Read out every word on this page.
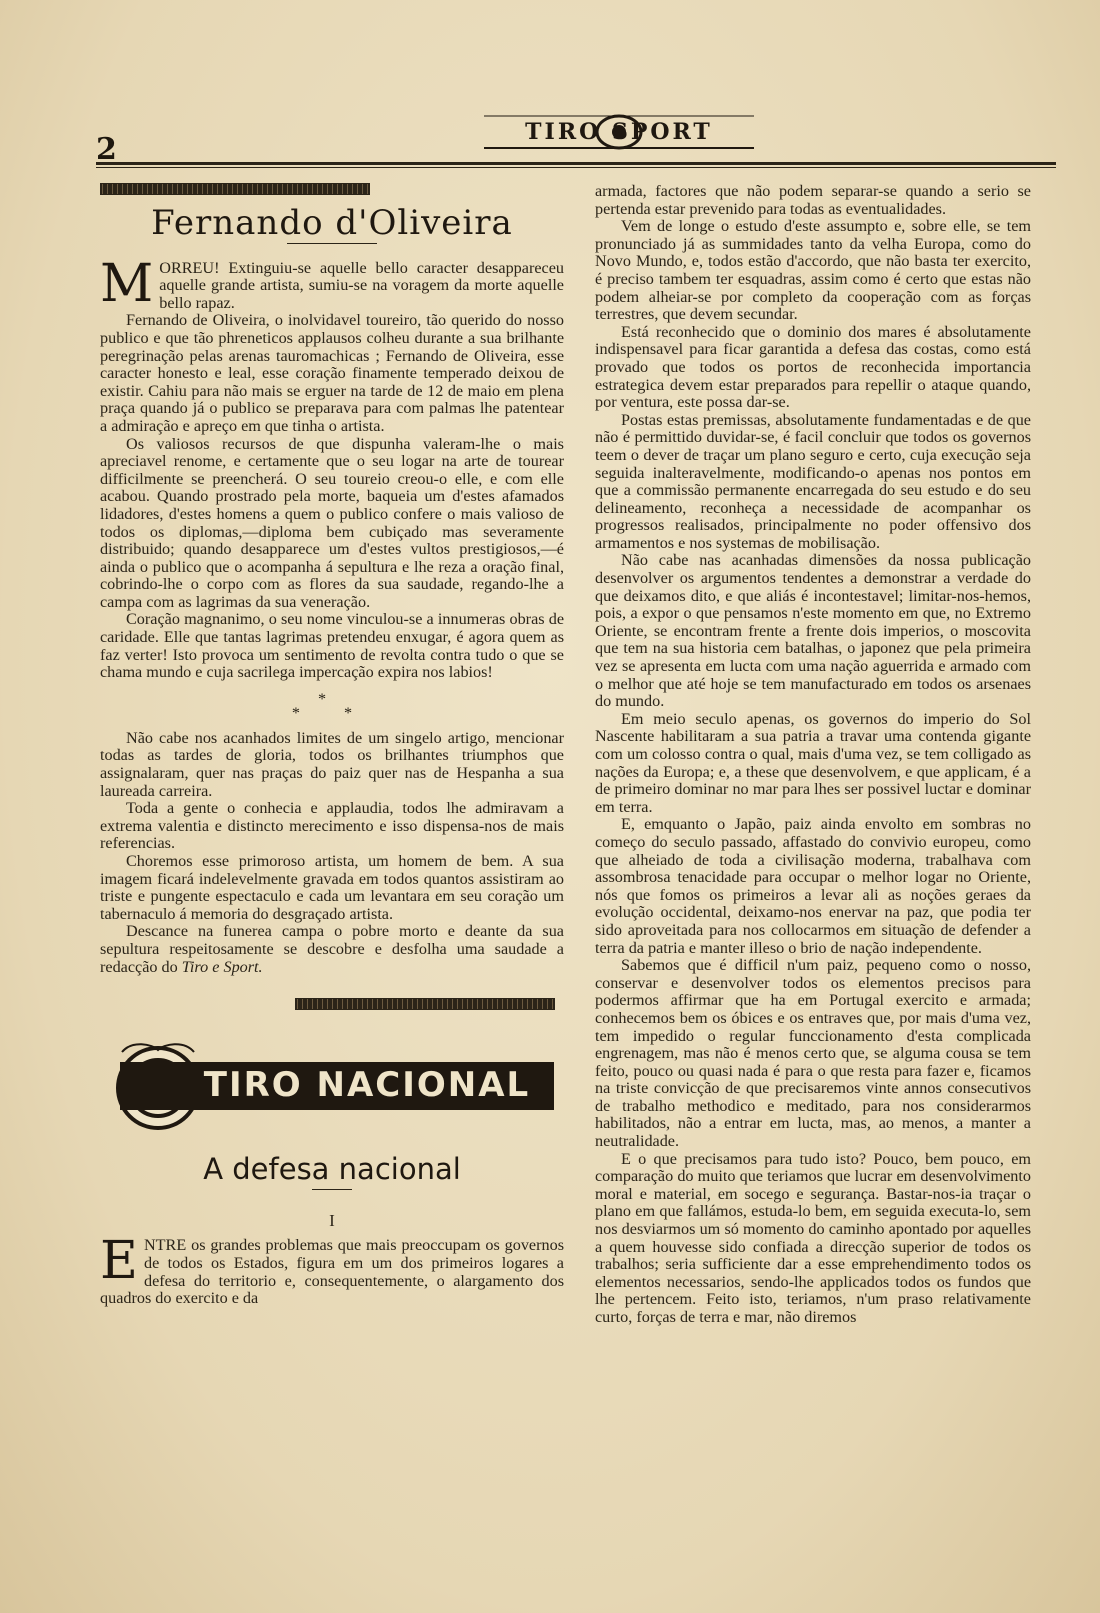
2	TIRO SPORT
Fernando d'Oliveira

MORREU! Extinguiu-se aquelle bello caracter desappareceu aquelle grande artista, sumiu-se na voragem da morte aquelle bello rapaz.

Fernando de Oliveira, o inolvidavel toureiro, tão querido do nosso publico e que tão phreneticos applausos colheu durante a sua brilhante peregrinação pelas arenas tauromachicas ; Fernando de Oliveira, esse caracter honesto e leal, esse coração finamente temperado deixou de existir. Cahiu para não mais se erguer na tarde de 12 de maio em plena praça quando já o publico se preparava para com palmas lhe patentear a admiração e apreço em que tinha o artista.

Os valiosos recursos de que dispunha valeram-lhe o mais apreciavel renome, e certamente que o seu logar na arte de tourear difficilmente se preencherá. O seu toureio creou-o elle, e com elle acabou. Quando prostrado pela morte, baqueia um d'estes afamados lidadores, d'estes homens a quem o publico confere o mais valioso de todos os diplomas,—diploma bem cubiçado mas severamente distribuido; quando desapparece um d'estes vultos prestigiosos,—é ainda o publico que o acompanha á sepultura e lhe reza a oração final, cobrindo-lhe o corpo com as flores da sua saudade, regando-lhe a campa com as lagrimas da sua veneração.

Coração magnanimo, o seu nome vinculou-se a innumeras obras de caridade. Elle que tantas lagrimas pretendeu enxugar, é agora quem as faz verter! Isto provoca um sentimento de revolta contra tudo o que se chama mundo e cuja sacrilega impercação expira nos labios!

*
* *

Não cabe nos acanhados limites de um singelo artigo, mencionar todas as tardes de gloria, todos os brilhantes triumphos que assignalaram, quer nas praças do paiz quer nas de Hespanha a sua laureada carreira.

Toda a gente o conhecia e applaudia, todos lhe admiravam a extrema valentia e distincto merecimento e isso dispensa-nos de mais referencias.

Choremos esse primoroso artista, um homem de bem. A sua imagem ficará indelevelmente gravada em todos quantos assistiram ao triste e pungente espectaculo e cada um levantara em seu coração um tabernaculo á memoria do desgraçado artista.

Descance na funerea campa o pobre morto e deante da sua sepultura respeitosamente se descobre e desfolha uma saudade a redacção do Tiro e Sport.

TIRO NACIONAL
A defesa nacional
I

ENTRE os grandes problemas que mais preoccupam os governos de todos os Estados, figura em um dos primeiros logares a defesa do territorio e, consequentemente, o alargamento dos quadros do exercito e da

armada, factores que não podem separar-se quando a serio se pertenda estar prevenido para todas as eventualidades.

Vem de longe o estudo d'este assumpto e, sobre elle, se tem pronunciado já as summidades tanto da velha Europa, como do Novo Mundo, e, todos estão d'accordo, que não basta ter exercito, é preciso tambem ter esquadras, assim como é certo que estas não podem alheiar-se por completo da cooperação com as forças terrestres, que devem secundar.

Está reconhecido que o dominio dos mares é absolutamente indispensavel para ficar garantida a defesa das costas, como está provado que todos os portos de reconhecida importancia estrategica devem estar preparados para repellir o ataque quando, por ventura, este possa dar-se.

Postas estas premissas, absolutamente fundamentadas e de que não é permittido duvidar-se, é facil concluir que todos os governos teem o dever de traçar um plano seguro e certo, cuja execução seja seguida inalteravelmente, modificando-o apenas nos pontos em que a commissão permanente encarregada do seu estudo e do seu delineamento, reconheça a necessidade de acompanhar os progressos realisados, principalmente no poder offensivo dos armamentos e nos systemas de mobilisação.

Não cabe nas acanhadas dimensões da nossa publicação desenvolver os argumentos tendentes a demonstrar a verdade do que deixamos dito, e que aliás é incontestavel; limitar-nos-hemos, pois, a expor o que pensamos n'este momento em que, no Extremo Oriente, se encontram frente a frente dois imperios, o moscovita que tem na sua historia cem batalhas, o japonez que pela primeira vez se apresenta em lucta com uma nação aguerrida e armado com o melhor que até hoje se tem manufacturado em todos os arsenaes do mundo.

Em meio seculo apenas, os governos do imperio do Sol Nascente habilitaram a sua patria a travar uma contenda gigante com um colosso contra o qual, mais d'uma vez, se tem colligado as nações da Europa; e, a these que desenvolvem, e que applicam, é a de primeiro dominar no mar para lhes ser possivel luctar e dominar em terra.

E, emquanto o Japão, paiz ainda envolto em sombras no começo do seculo passado, affastado do convivio europeu, como que alheiado de toda a civilisação moderna, trabalhava com assombrosa tenacidade para occupar o melhor logar no Oriente, nós que fomos os primeiros a levar ali as noções geraes da evolução occidental, deixamo-nos enervar na paz, que podia ter sido aproveitada para nos collocarmos em situação de defender a terra da patria e manter illeso o brio de nação independente.

Sabemos que é difficil n'um paiz, pequeno como o nosso, conservar e desenvolver todos os elementos precisos para podermos affirmar que ha em Portugal exercito e armada; conhecemos bem os óbices e os entraves que, por mais d'uma vez, tem impedido o regular funccionamento d'esta complicada engrenagem, mas não é menos certo que, se alguma cousa se tem feito, pouco ou quasi nada é para o que resta para fazer e, ficamos na triste convicção de que precisaremos vinte annos consecutivos de trabalho methodico e meditado, para nos considerarmos habilitados, não a entrar em lucta, mas, ao menos, a manter a neutralidade.

E o que precisamos para tudo isto? Pouco, bem pouco, em comparação do muito que teriamos que lucrar em desenvolvimento moral e material, em socego e segurança. Bastar-nos-ia traçar o plano em que fallámos, estuda-lo bem, em seguida executa-lo, sem nos desviarmos um só momento do caminho apontado por aquelles a quem houvesse sido confiada a direcção superior de todos os trabalhos; seria sufficiente dar a esse emprehendimento todos os elementos necessarios, sendo-lhe applicados todos os fundos que lhe pertencem. Feito isto, teriamos, n'um praso relativamente curto, forças de terra e mar, não diremos
